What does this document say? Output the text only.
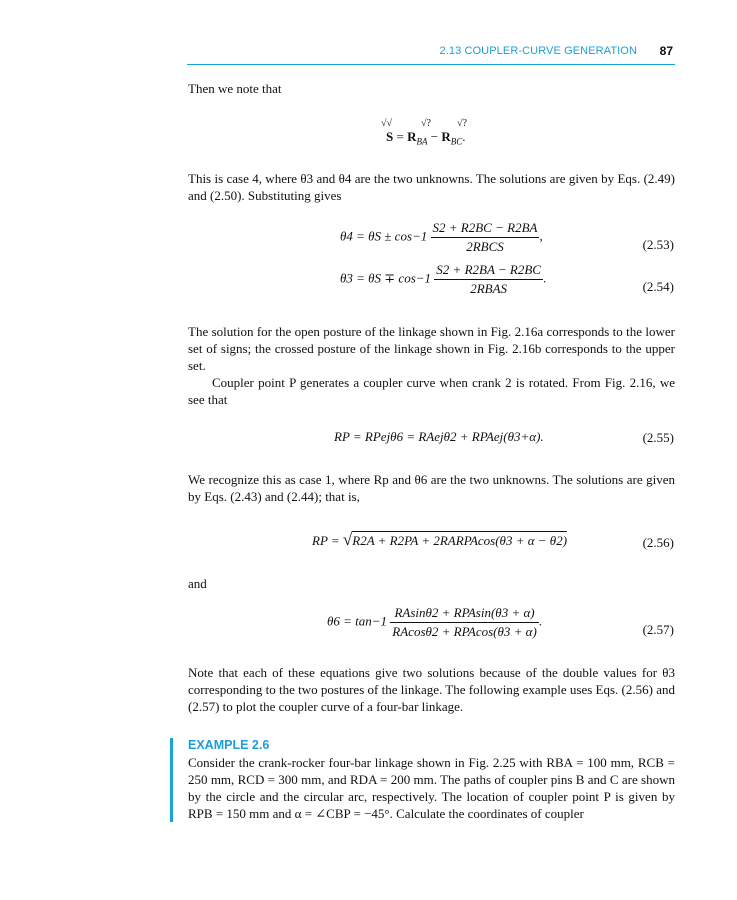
2.13 COUPLER-CURVE GENERATION 87

Then we note that

√√	√?	√?
$S = R_{BA} - R_{BC}$.

This is case 4, where θ3 and θ4 are the two unknowns. The solutions are given by Eqs. (2.49) and (2.50). Substituting gives

$\theta 4 = \theta S \pm \cos-1 \frac{S2 + R2BC - R2BA}{\text{2RBCS}}$ ,
(2.53)
$\theta 3 = \theta S \mp \cos-1 \frac{S2 + R2BA - R2BC}{\text{2RBAS}}$ .
(2.54)

The solution for the open posture of the linkage shown in Fig. 2.16a corresponds to the lower set of signs; the crossed posture of the linkage shown in Fig. 2.16b corresponds to the upper set.

Coupler point P generates a coupler curve when crank 2 is rotated. From Fig. 2.16, we see that

RP = RPejθ6 = RAejθ2 + RPAej(θ3+α).	(2.55)

We recognize this as case 1, where Rp and θ6 are the two unknowns. The solutions are given by Eqs. (2.43) and (2.44); that is,

RP = √R2A + R2PA + 2RARPAcos(θ3 + α − θ2)	(2.56)

and

$\theta 6 = \tan-1 \frac{\text{RAsinθ2 + RPAsin(θ3 + α)}}{\text{RAcosθ2 + RPAcos(θ3 + α)}}$ .
(2.57)

Note that each of these equations give two solutions because of the double values for θ3 corresponding to the two postures of the linkage. The following example uses Eqs. (2.56) and (2.57) to plot the coupler curve of a four-bar linkage.

EXAMPLE 2.6

Consider the crank-rocker four-bar linkage shown in Fig. 2.25 with RBA = 100 mm, RCB = 250 mm, RCD = 300 mm, and RDA = 200 mm. The paths of coupler pins B and C are shown by the circle and the circular arc, respectively. The location of coupler point P is given by RPB = 150 mm and α = ∠CBP = −45°. Calculate the coordinates of coupler
